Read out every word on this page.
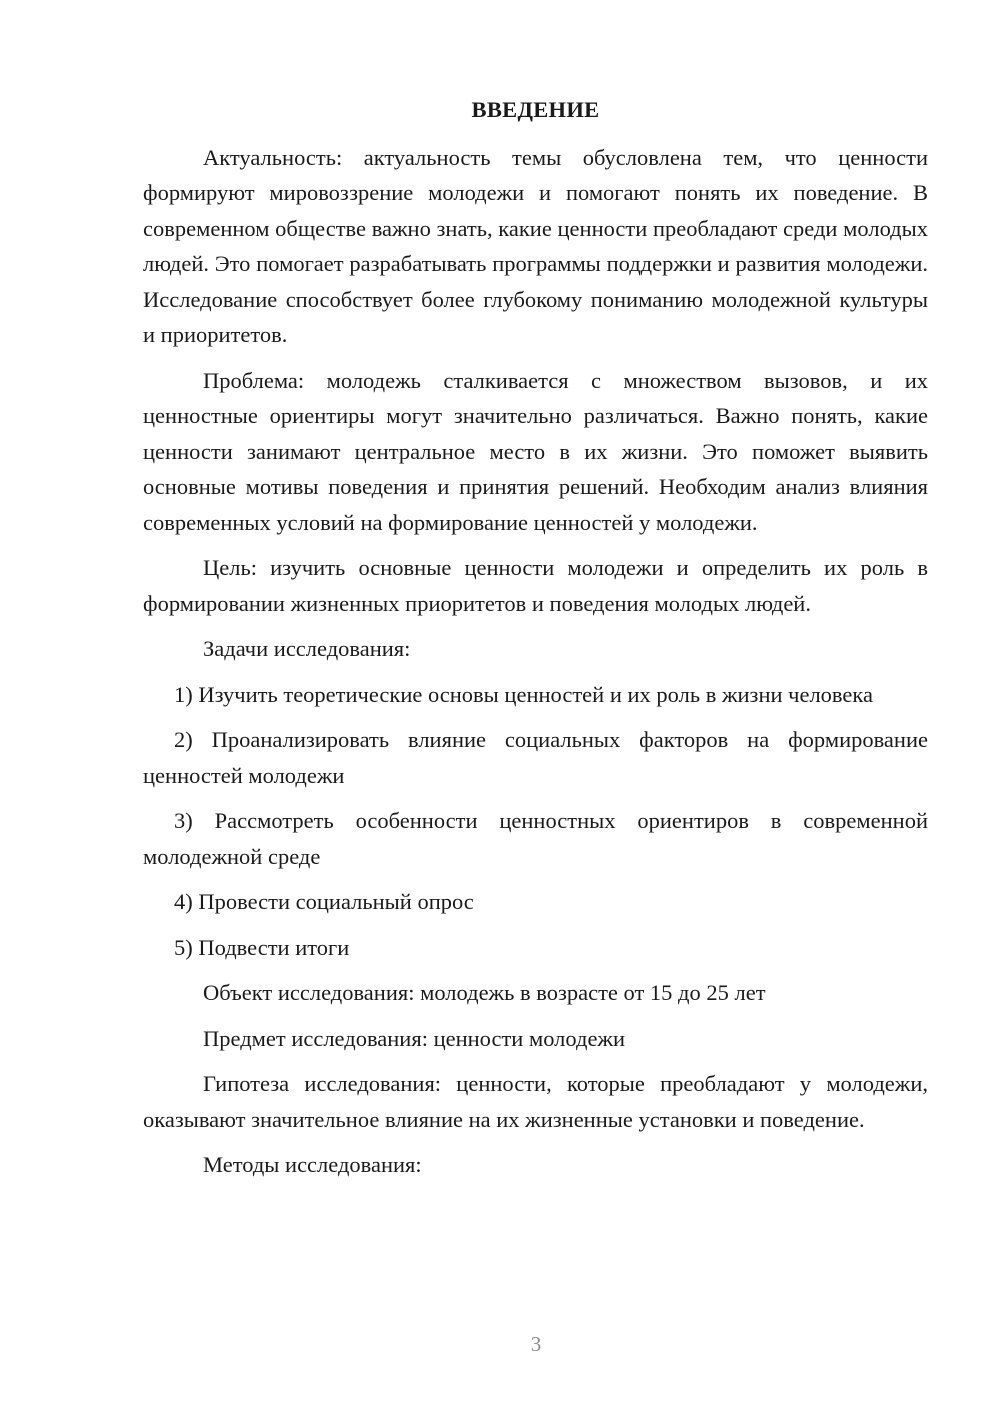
ВВЕДЕНИЕ

Актуальность: актуальность темы обусловлена тем, что ценности формируют мировоззрение молодежи и помогают понять их поведение. В современном обществе важно знать, какие ценности преобладают среди молодых людей. Это помогает разрабатывать программы поддержки и развития молодежи. Исследование способствует более глубокому пониманию молодежной культуры и приоритетов.

Проблема: молодежь сталкивается с множеством вызовов, и их ценностные ориентиры могут значительно различаться. Важно понять, какие ценности занимают центральное место в их жизни. Это поможет выявить основные мотивы поведения и принятия решений. Необходим анализ влияния современных условий на формирование ценностей у молодежи.

Цель: изучить основные ценности молодежи и определить их роль в формировании жизненных приоритетов и поведения молодых людей.

Задачи исследования:

1) Изучить теоретические основы ценностей и их роль в жизни человека

2) Проанализировать влияние социальных факторов на формирование ценностей молодежи

3) Рассмотреть особенности ценностных ориентиров в современной молодежной среде

4) Провести социальный опрос

5) Подвести итоги

Объект исследования: молодежь в возрасте от 15 до 25 лет

Предмет исследования: ценности молодежи

Гипотеза исследования: ценности, которые преобладают у молодежи, оказывают значительное влияние на их жизненные установки и поведение.

Методы исследования:

3
